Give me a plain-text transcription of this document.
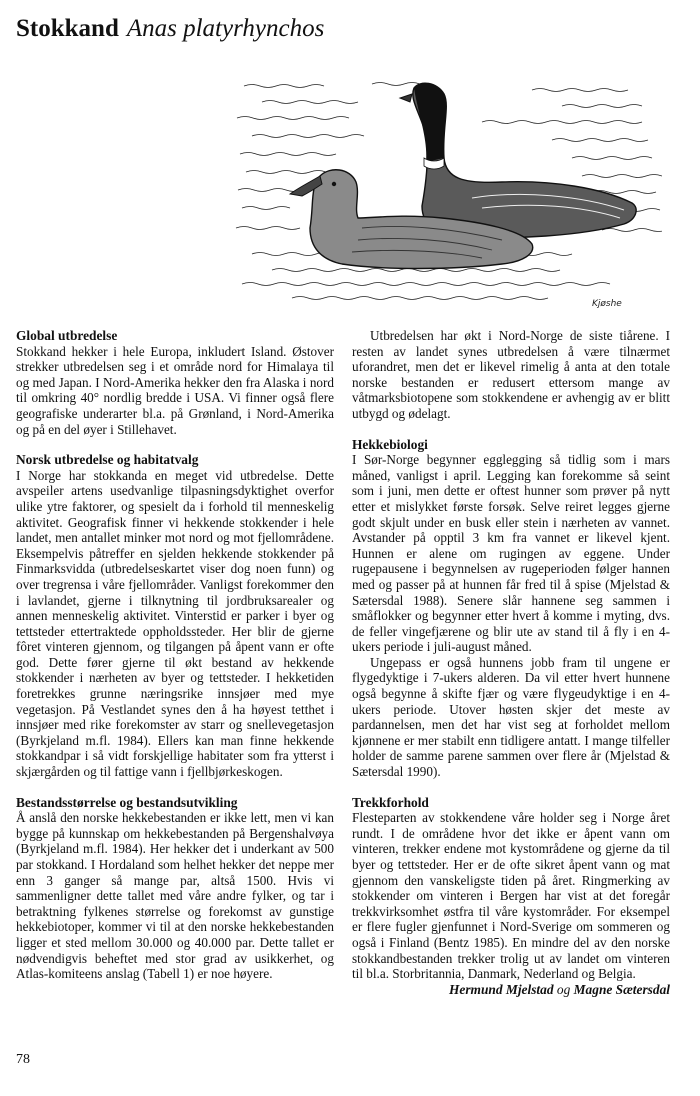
Stokkand Anas platyrhynchos
Kjøshe
Global utbredelse

Stokkand hekker i hele Europa, inkludert Island. Østover strekker utbredelsen seg i et område nord for Himalaya til og med Japan. I Nord-Amerika hekker den fra Alaska i nord til omkring 40° nordlig bredde i USA. Vi finner også flere geografiske underarter bl.a. på Grønland, i Nord-Amerika og på en del øyer i Stillehavet.

Norsk utbredelse og habitatvalg

I Norge har stokkanda en meget vid utbredelse. Dette avspeiler artens usedvanlige tilpasningsdyktighet overfor ulike ytre faktorer, og spesielt da i forhold til menneskelig aktivitet. Geografisk finner vi hekkende stokkender i hele landet, men antallet minker mot nord og mot fjellområdene. Eksempelvis påtreffer en sjelden hekkende stokkender på Finmarksvidda (utbredelseskartet viser dog noen funn) og over tregrensa i våre fjellområder. Vanligst forekommer den i lavlandet, gjerne i tilknytning til jordbruksarealer og annen menneskelig aktivitet. Vinterstid er parker i byer og tettsteder ettertraktede oppholdssteder. Her blir de gjerne fôret vinteren gjennom, og tilgangen på åpent vann er ofte god. Dette fører gjerne til økt bestand av hekkende stokkender i nærheten av byer og tettsteder. I hekketiden foretrekkes grunne næringsrike innsjøer med mye vegetasjon. På Vestlandet synes den å ha høyest tetthet i innsjøer med rike forekomster av starr og snellevegetasjon (Byrkjeland m.fl. 1984). Ellers kan man finne hekkende stokkandpar i så vidt forskjellige habitater som fra ytterst i skjærgården og til fattige vann i fjellbjørkeskogen.

Bestandsstørrelse og bestandsutvikling

Å anslå den norske hekkebestanden er ikke lett, men vi kan bygge på kunnskap om hekkebestanden på Bergenshalvøya (Byrkjeland m.fl. 1984). Her hekker det i underkant av 500 par stokkand. I Hordaland som helhet hekker det neppe mer enn 3 ganger så mange par, altså 1500. Hvis vi sammenligner dette tallet med våre andre fylker, og tar i betraktning fylkenes størrelse og forekomst av gunstige hekkebiotoper, kommer vi til at den norske hekkebestanden ligger et sted mellom 30.000 og 40.000 par. Dette tallet er nødvendigvis beheftet med stor grad av usikkerhet, og Atlas-komiteens anslag (Tabell 1) er noe høyere.

Utbredelsen har økt i Nord-Norge de siste tiårene. I resten av landet synes utbredelsen å være tilnærmet uforandret, men det er likevel rimelig å anta at den totale norske bestanden er redusert ettersom mange av våtmarksbiotopene som stokkendene er avhengig av er blitt utbygd og ødelagt.

Hekkebiologi

I Sør-Norge begynner egglegging så tidlig som i mars måned, vanligst i april. Legging kan forekomme så seint som i juni, men dette er oftest hunner som prøver på nytt etter et mislykket første forsøk. Selve reiret legges gjerne godt skjult under en busk eller stein i nærheten av vannet. Avstander på opptil 3 km fra vannet er likevel kjent. Hunnen er alene om rugingen av eggene. Under rugepausene i begynnelsen av rugeperioden følger hannen med og passer på at hunnen får fred til å spise (Mjelstad & Sætersdal 1988). Senere slår hannene seg sammen i småflokker og begynner etter hvert å komme i myting, dvs. de feller vingefjærene og blir ute av stand til å fly i en 4-ukers periode i juli-august måned.

Ungepass er også hunnens jobb fram til ungene er flygedyktige i 7-ukers alderen. Da vil etter hvert hunnene også begynne å skifte fjær og være flygeudyktige i en 4-ukers periode. Utover høsten skjer det meste av pardannelsen, men det har vist seg at forholdet mellom kjønnene er mer stabilt enn tidligere antatt. I mange tilfeller holder de samme parene sammen over flere år (Mjelstad & Sætersdal 1990).

Trekkforhold

Flesteparten av stokkendene våre holder seg i Norge året rundt. I de områdene hvor det ikke er åpent vann om vinteren, trekker endene mot kystområdene og gjerne da til byer og tettsteder. Her er de ofte sikret åpent vann og mat gjennom den vanskeligste tiden på året. Ringmerking av stokkender om vinteren i Bergen har vist at det foregår trekkvirksomhet østfra til våre kystområder. For eksempel er flere fugler gjenfunnet i Nord-Sverige om sommeren og også i Finland (Bentz 1985). En mindre del av den norske stokkandbestanden trekker trolig ut av landet om vinteren til bl.a. Storbritannia, Danmark, Nederland og Belgia.

Hermund Mjelstad og Magne Sætersdal

78
